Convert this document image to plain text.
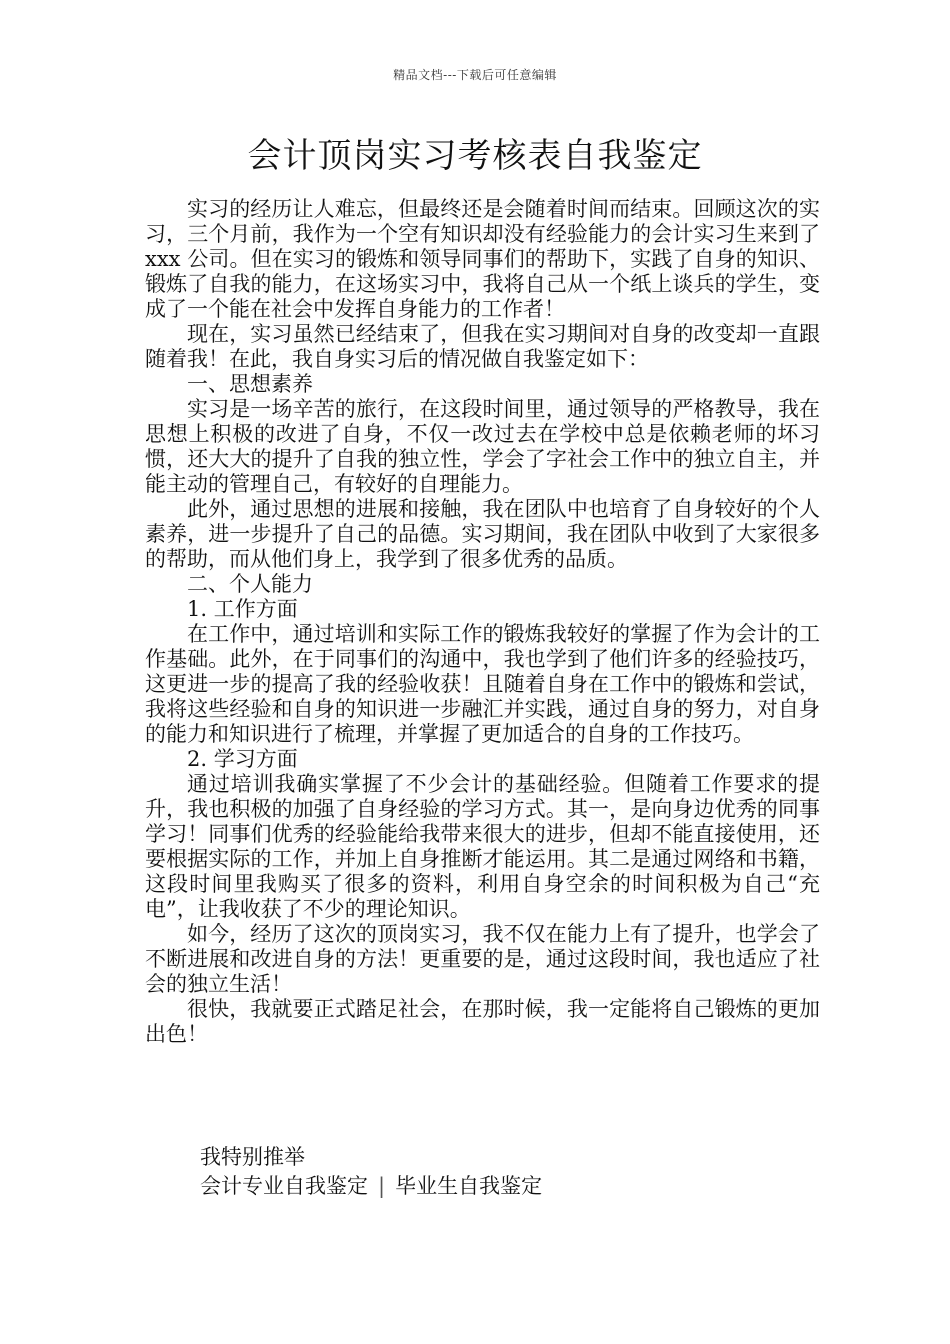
精品文档---下载后可任意编辑
会计顶岗实习考核表自我鉴定

实习的经历让人难忘，但最终还是会随着时间而结束。回顾这次的实习，三个月前，我作为一个空有知识却没有经验能力的会计实习生来到了 xxx 公司。但在实习的锻炼和领导同事们的帮助下，实践了自身的知识、锻炼了自我的能力，在这场实习中，我将自己从一个纸上谈兵的学生，变成了一个能在社会中发挥自身能力的工作者！

现在，实习虽然已经结束了，但我在实习期间对自身的改变却一直跟随着我！在此，我自身实习后的情况做自我鉴定如下：

一、思想素养

实习是一场辛苦的旅行，在这段时间里，通过领导的严格教导，我在思想上积极的改进了自身，不仅一改过去在学校中总是依赖老师的坏习惯，还大大的提升了自我的独立性，学会了字社会工作中的独立自主，并能主动的管理自己，有较好的自理能力。

此外，通过思想的进展和接触，我在团队中也培育了自身较好的个人素养，进一步提升了自己的品德。实习期间，我在团队中收到了大家很多的帮助，而从他们身上，我学到了很多优秀的品质。

二、个人能力

1. 工作方面

在工作中，通过培训和实际工作的锻炼我较好的掌握了作为会计的工作基础。此外，在于同事们的沟通中，我也学到了他们许多的经验技巧，这更进一步的提高了我的经验收获！且随着自身在工作中的锻炼和尝试，我将这些经验和自身的知识进一步融汇并实践，通过自身的努力，对自身的能力和知识进行了梳理，并掌握了更加适合的自身的工作技巧。

2. 学习方面

通过培训我确实掌握了不少会计的基础经验。但随着工作要求的提升，我也积极的加强了自身经验的学习方式。其一，是向身边优秀的同事学习！同事们优秀的经验能给我带来很大的进步，但却不能直接使用，还要根据实际的工作，并加上自身推断才能运用。其二是通过网络和书籍，这段时间里我购买了很多的资料，利用自身空余的时间积极为自己“充电”，让我收获了不少的理论知识。

如今，经历了这次的顶岗实习，我不仅在能力上有了提升，也学会了不断进展和改进自身的方法！更重要的是，通过这段时间，我也适应了社会的独立生活！

很快，我就要正式踏足社会，在那时候，我一定能将自己锻炼的更加出色！

我特别推举
会计专业自我鉴定 | 毕业生自我鉴定
